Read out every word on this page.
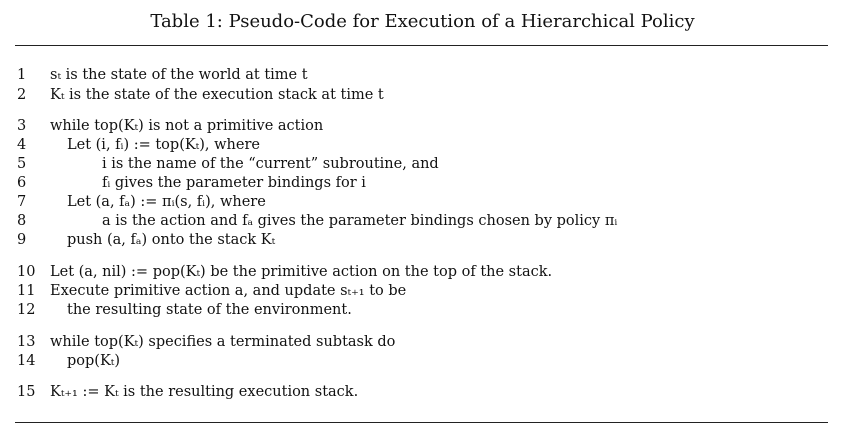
Table 1: Pseudo-Code for Execution of a Hierarchical Policy
1	sₜ is the state of the world at time t
2	Kₜ is the state of the execution stack at time t
3	while top(Kₜ) is not a primitive action
4	Let (i, fᵢ) := top(Kₜ), where
5	i is the name of the “current” subroutine, and
6	fᵢ gives the parameter bindings for i
7	Let (a, fₐ) := πᵢ(s, fᵢ), where
8	a is the action and fₐ gives the parameter bindings chosen by policy πᵢ
9	push (a, fₐ) onto the stack Kₜ
10 Let (a, nil) := pop(Kₜ) be the primitive action on the top of the stack.
11 Execute primitive action a, and update sₜ₊₁ to be
12 the resulting state of the environment.
13 while top(Kₜ) specifies a terminated subtask do
14 pop(Kₜ)
15 Kₜ₊₁ := Kₜ is the resulting execution stack.
